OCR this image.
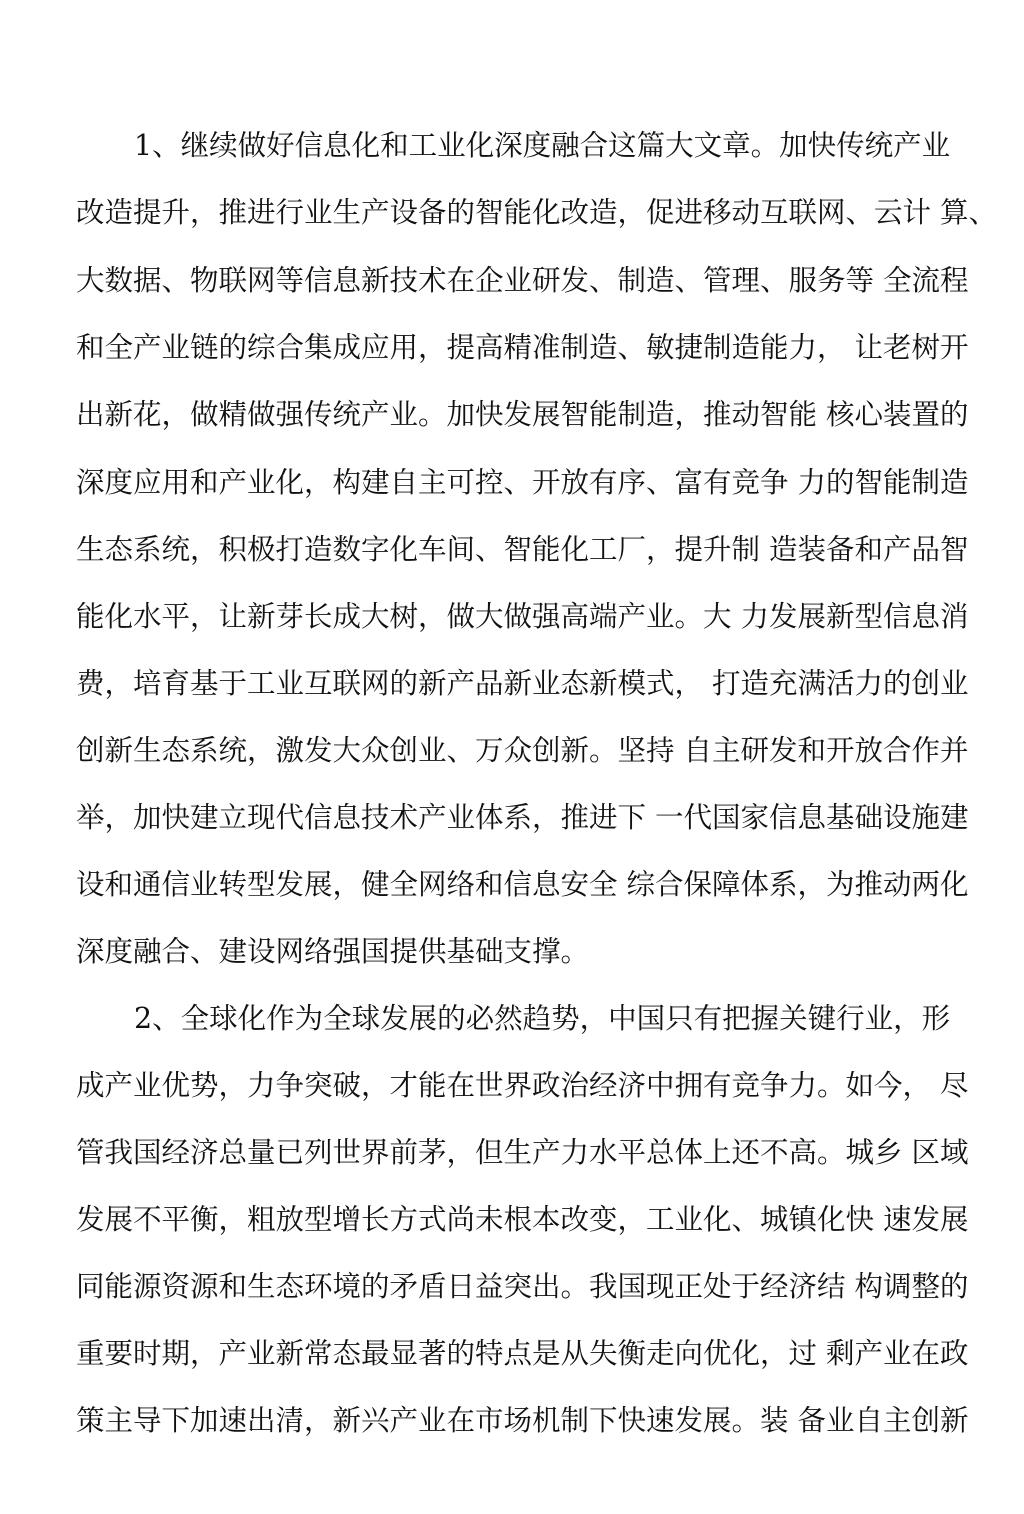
1、继续做好信息化和工业化深度融合这篇大文章。加快传统产业
改造提升，推进行业生产设备的智能化改造，促进移动互联网、云计 算、
大数据、物联网等信息新技术在企业研发、制造、管理、服务等 全流程
和全产业链的综合集成应用，提高精准制造、敏捷制造能力， 让老树开
出新花，做精做强传统产业。加快发展智能制造，推动智能 核心装置的
深度应用和产业化，构建自主可控、开放有序、富有竞争 力的智能制造
生态系统，积极打造数字化车间、智能化工厂，提升制 造装备和产品智
能化水平，让新芽长成大树，做大做强高端产业。大 力发展新型信息消
费，培育基于工业互联网的新产品新业态新模式， 打造充满活力的创业
创新生态系统，激发大众创业、万众创新。坚持 自主研发和开放合作并
举，加快建立现代信息技术产业体系，推进下 一代国家信息基础设施建
设和通信业转型发展，健全网络和信息安全 综合保障体系，为推动两化
深度融合、建设网络强国提供基础支撑。
2、全球化作为全球发展的必然趋势，中国只有把握关键行业，形
成产业优势，力争突破，才能在世界政治经济中拥有竞争力。如今， 尽
管我国经济总量已列世界前茅，但生产力水平总体上还不高。城乡 区域
发展不平衡，粗放型增长方式尚未根本改变，工业化、城镇化快 速发展
同能源资源和生态环境的矛盾日益突出。我国现正处于经济结 构调整的
重要时期，产业新常态最显著的特点是从失衡走向优化，过 剩产业在政
策主导下加速出清，新兴产业在市场机制下快速发展。装 备业自主创新
